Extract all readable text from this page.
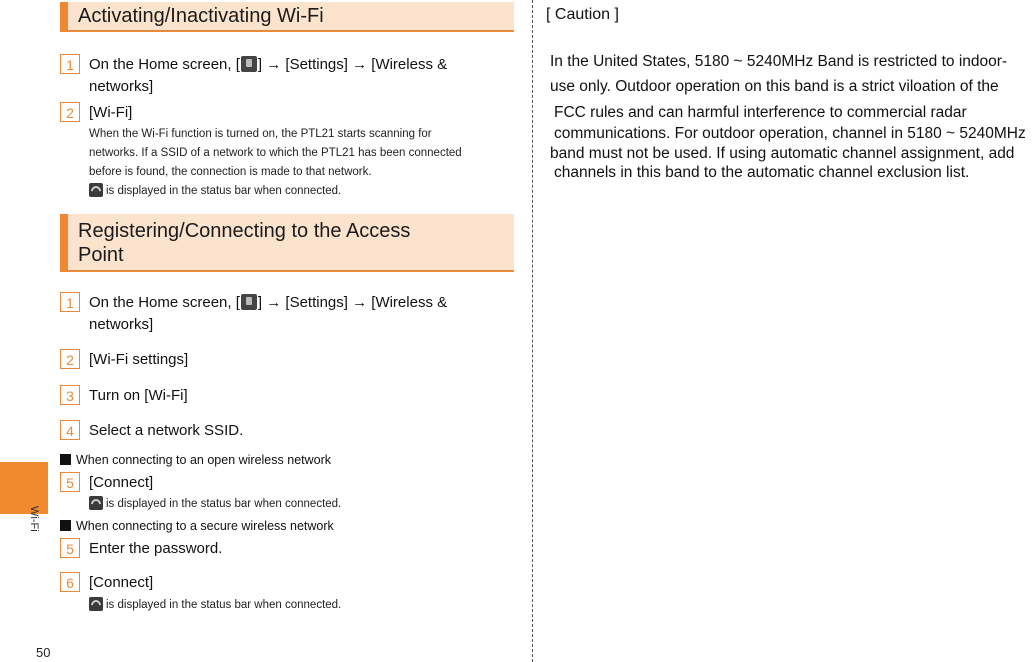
Wi-Fi
50
Activating/Inactivating Wi-Fi
1	On the Home screen, [ ] → [Settings] → [Wireless &
networks]
2	[Wi-Fi]
When the Wi-Fi function is turned on, the PTL21 starts scanning for
networks. If a SSID of a network to which the PTL21 has been connected
before is found, the connection is made to that network.
is displayed in the status bar when connected.
Registering/Connecting to the Access Point
1	On the Home screen, [ ] → [Settings] → [Wireless &
networks]
2	[Wi-Fi settings]
3	Turn on [Wi-Fi]
4	Select a network SSID.
When connecting to an open wireless network
5	[Connect]
is displayed in the status bar when connected.
When connecting to a secure wireless network
5	Enter the password.
6	[Connect]
is displayed in the status bar when connected.
[ Caution ]
In the United States, 5180 ~ 5240MHz Band is restricted to indoor-
use only. Outdoor operation on this band is a strict viloation of the
FCC rules and can harmful interference to commercial radar
communications. For outdoor operation, channel in 5180 ~ 5240MHz
band must not be used. If using automatic channel assignment, add
channels in this band to the automatic channel exclusion list.
